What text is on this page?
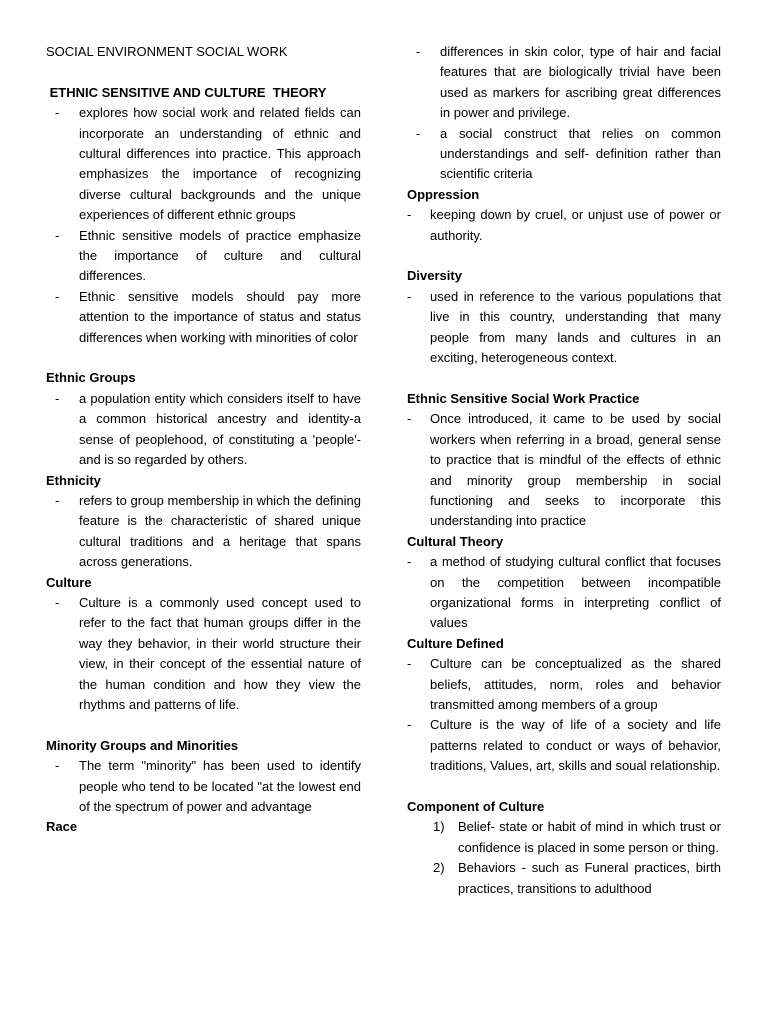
SOCIAL ENVIRONMENT SOCIAL WORK
ETHNIC SENSITIVE AND CULTURE  THEORY
- explores how social work and related fields can incorporate an understanding of ethnic and cultural differences into practice. This approach emphasizes the importance of recognizing diverse cultural backgrounds and the unique experiences of different ethnic groups
- Ethnic sensitive models of practice emphasize the importance of culture and cultural differences.
- Ethnic sensitive models should pay more attention to the importance of status and status differences when working with minorities of color
Ethnic Groups
- a population entity which considers itself to have a common historical ancestry and identity-a sense of peoplehood, of constituting a 'people'- and is so regarded by others.
Ethnicity
- refers to group membership in which the defining feature is the characteristic of shared unique cultural traditions and a heritage that spans across generations.
Culture
- Culture is a commonly used concept used to refer to the fact that human groups differ in the way they behavior, in their world structure their view, in their concept of the essential nature of the human condition and how they view the rhythms and patterns of life.
Minority Groups and Minorities
- The term "minority" has been used to identify people who tend to be located "at the lowest end of the spectrum of power and advantage
Race
- differences in skin color, type of hair and facial features that are biologically trivial have been used as markers for ascribing great differences in power and privilege.
- a social construct that relies on common understandings and self- definition rather than scientific criteria
Oppression
- keeping down by cruel, or unjust use of power or authority.
Diversity
- used in reference to the various populations that live in this country, understanding that many people from many lands and cultures in an exciting, heterogeneous context.
Ethnic Sensitive Social Work Practice
- Once introduced, it came to be used by social workers when referring in a broad, general sense to practice that is mindful of the effects of ethnic and minority group membership in social functioning and seeks to incorporate this understanding into practice
Cultural Theory
- a method of studying cultural conflict that focuses on the competition between incompatible organizational forms in interpreting conflict of values
Culture Defined
- Culture can be conceptualized as the shared beliefs, attitudes, norm, roles and behavior transmitted among members of a group
- Culture is the way of life of a society and life patterns related to conduct or ways of behavior, traditions, Values, art, skills and soual relationship.
Component of Culture
1) Belief- state or habit of mind in which trust or confidence is placed in some person or thing.
2) Behaviors - such as Funeral practices, birth practices, transitions to adulthood
